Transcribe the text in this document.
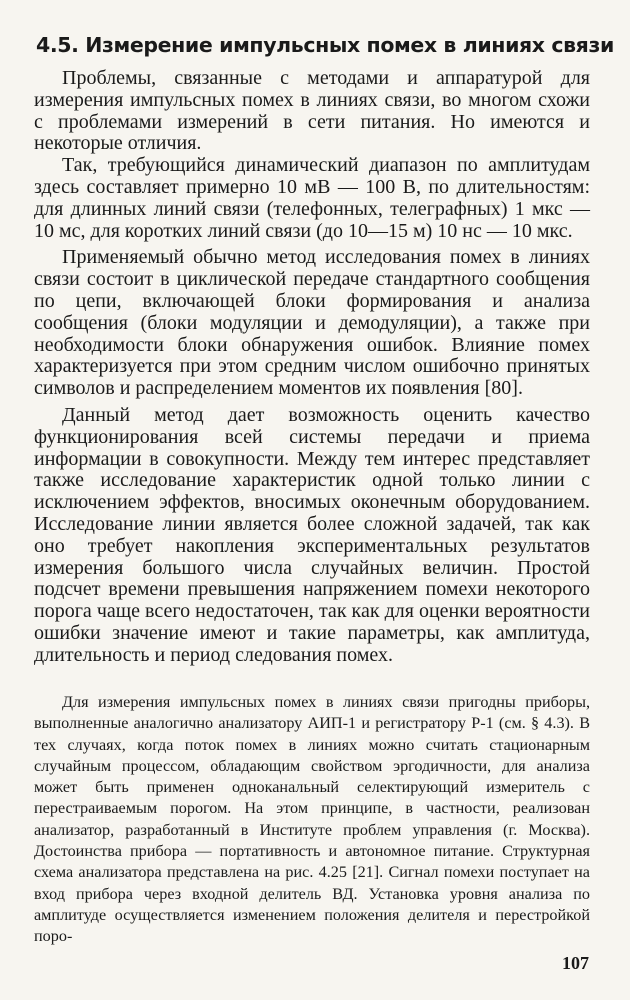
4.5. Измерение импульсных помех в линиях связи

Проблемы, связанные с методами и аппаратурой для измерения импульсных помех в линиях связи, во многом схожи с проблемами измерений в сети питания. Но имеются и некоторые отличия.

Так, требующийся динамический диапазон по амплитудам здесь составляет примерно 10 мВ — 100 В, по длительностям: для длинных линий связи (телефонных, телеграфных) 1 мкс — 10 мс, для коротких линий связи (до 10—15 м) 10 нс — 10 мкс.

Применяемый обычно метод исследования помех в линиях связи состоит в циклической передаче стандартного сообщения по цепи, включающей блоки формирования и анализа сообщения (блоки модуляции и демодуляции), а также при необходимости блоки обнаружения ошибок. Влияние помех характеризуется при этом средним числом ошибочно принятых символов и распределением моментов их появления [80].

Данный метод дает возможность оценить качество функционирования всей системы передачи и приема информации в совокупности. Между тем интерес представляет также исследование характеристик одной только линии с исключением эффектов, вносимых оконечным оборудованием. Исследование линии является более сложной задачей, так как оно требует накопления экспериментальных результатов измерения большого числа случайных величин. Простой подсчет времени превышения напряжением помехи некоторого порога чаще всего недостаточен, так как для оценки вероятности ошибки значение имеют и такие параметры, как амплитуда, длительность и период следования помех.

Для измерения импульсных помех в линиях связи пригодны приборы, выполненные аналогично анализатору АИП-1 и регистратору Р-1 (см. § 4.3). В тех случаях, когда поток помех в линиях можно считать стационарным случайным процессом, обладающим свойством эргодичности, для анализа может быть применен одноканальный селектирующий измеритель с перестраиваемым порогом. На этом принципе, в частности, реализован анализатор, разработанный в Институте проблем управления (г. Москва). Достоинства прибора — портативность и автономное питание. Структурная схема анализатора представлена на рис. 4.25 [21]. Сигнал помехи поступает на вход прибора через входной делитель ВД. Установка уровня анализа по амплитуде осуществляется изменением положения делителя и перестройкой поро-

107
